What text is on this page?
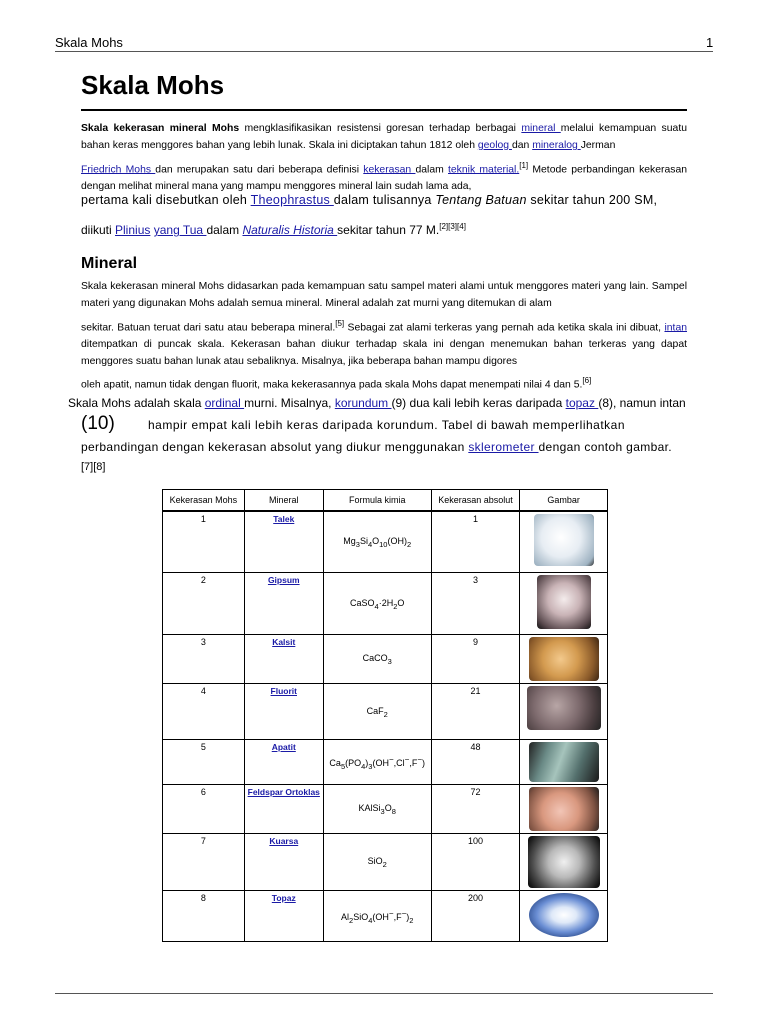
Skala Mohs	1
Skala Mohs

Skala kekerasan mineral Mohs mengklasifikasikan resistensi goresan terhadap berbagai mineral melalui kemampuan suatu bahan keras menggores bahan yang lebih lunak. Skala ini diciptakan tahun 1812 oleh geolog dan mineralog Jerman

Friedrich Mohs dan merupakan satu dari beberapa definisi kekerasan dalam teknik material.[1] Metode perbandingan kekerasan dengan melihat mineral mana yang mampu menggores mineral lain sudah lama ada,

pertama kali disebutkan oleh Theophrastus dalam tulisannya Tentang Batuan sekitar tahun 200 SM,

diikuti Plinius yang Tua dalam Naturalis Historia sekitar tahun 77 M.[2][3][4]

Mineral

Skala kekerasan mineral Mohs didasarkan pada kemampuan satu sampel materi alami untuk menggores materi yang lain. Sampel materi yang digunakan Mohs adalah semua mineral. Mineral adalah zat murni yang ditemukan di alam

sekitar. Batuan teruat dari satu atau beberapa mineral.[5] Sebagai zat alami terkeras yang pernah ada ketika skala ini dibuat, intan ditempatkan di puncak skala. Kekerasan bahan diukur terhadap skala ini dengan menemukan bahan terkeras yang dapat menggores suatu bahan lunak atau sebaliknya. Misalnya, jika beberapa bahan mampu digores

oleh apatit, namun tidak dengan fluorit, maka kekerasannya pada skala Mohs dapat menempati nilai 4 dan 5.[6]

Skala Mohs adalah skala ordinal murni. Misalnya, korundum (9) dua kali lebih keras daripada topaz (8), namun intan

(10)	hampir empat kali lebih keras daripada korundum. Tabel di bawah memperlihatkan

perbandingan dengan kekerasan absolut yang diukur menggunakan sklerometer dengan contoh gambar.

[7][8]
Kekerasan Mohs	Mineral	Formula kimia	Kekerasan absolut	Gambar
1	Talek	$Mg_3Si_4O_{10}(OH)_2$	1	
2	Gipsum	$CaSO_4\cdot 2H_2O$	3	
3	Kalsit	CaCO$_3$	9	
4	Fluorit	CaF$_2$	21	
5	Apatit	$Ca_5(PO_4)_3(OH^-,Cl^-,F^-)$	48	
6	Feldspar Ortoklas	$KAlSi_3O_8$	72	
7	Kuarsa	SiO$_2$	100	
8	Topaz	$Al_2SiO_4(OH^-,F^-)_2$	200	
